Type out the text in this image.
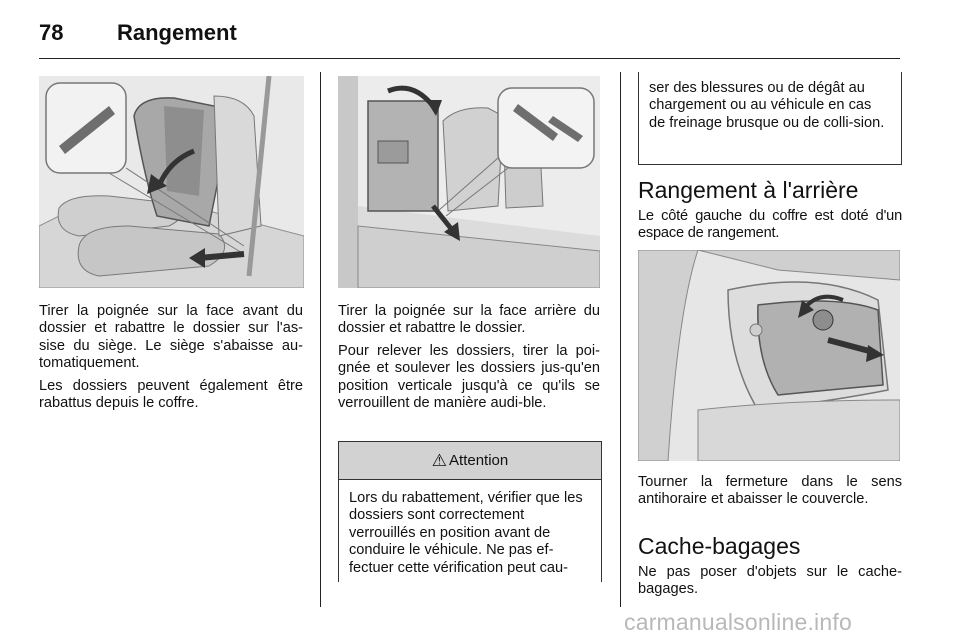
78 Rangement

Tirer la poignée sur la face avant du dossier et rabattre le dossier sur l'as-sise du siège. Le siège s'abaisse au-tomatiquement.

Les dossiers peuvent également être rabattus depuis le coffre.

Tirer la poignée sur la face arrière du dossier et rabattre le dossier.

Pour relever les dossiers, tirer la poi-gnée et soulever les dossiers jus-qu'en position verticale jusqu'à ce qu'ils se verrouillent de manière audi-ble.

⚠ Attention
Lors du rabattement, vérifier que les dossiers sont correctement verrouillés en position avant de conduire le véhicule. Ne pas ef-fectuer cette vérification peut cau-
ser des blessures ou de dégât au chargement ou au véhicule en cas de freinage brusque ou de colli-sion.
Rangement à l'arrière

Le côté gauche du coffre est doté d'un espace de rangement.

Tourner la fermeture dans le sens antihoraire et abaisser le couvercle.

Cache-bagages

Ne pas poser d'objets sur le cache-bagages.

carmanualsonline.info
